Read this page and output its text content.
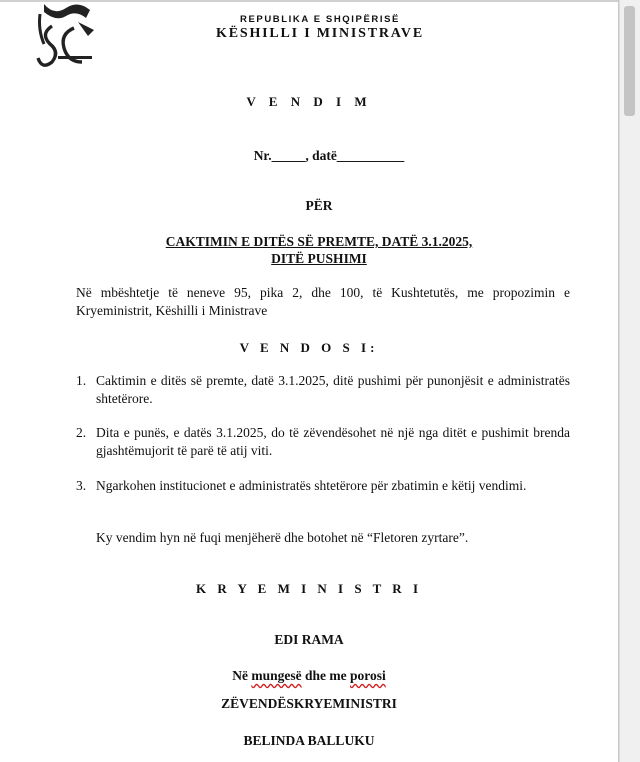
REPUBLIKA E SHQIPËRISË
KËSHILLI I MINISTRAVE
V E N D I M
Nr._____, datë__________
PËR
CAKTIMIN E DITËS SË PREMTE, DATË 3.1.2025,
DITË PUSHIMI
Në mbështetje të neneve 95, pika 2, dhe 100, të Kushtetutës, me propozimin e Kryeministrit, Këshilli i Ministrave
V E N D O S I:
1. Caktimin e ditës së premte, datë 3.1.2025, ditë pushimi për punonjësit e administratës shtetërore.
2. Dita e punës, e datës 3.1.2025, do të zëvendësohet në një nga ditët e pushimit brenda gjashtëmujorit të parë të atij viti.
3. Ngarkohen institucionet e administratës shtetërore për zbatimin e këtij vendimi.
Ky vendim hyn në fuqi menjëherë dhe botohet në “Fletoren zyrtare”.
K R Y E M I N I S T R I
EDI RAMA
Në mungesë dhe me porosi
ZËVENDËSKRYEMINISTRI
BELINDA BALLUKU
